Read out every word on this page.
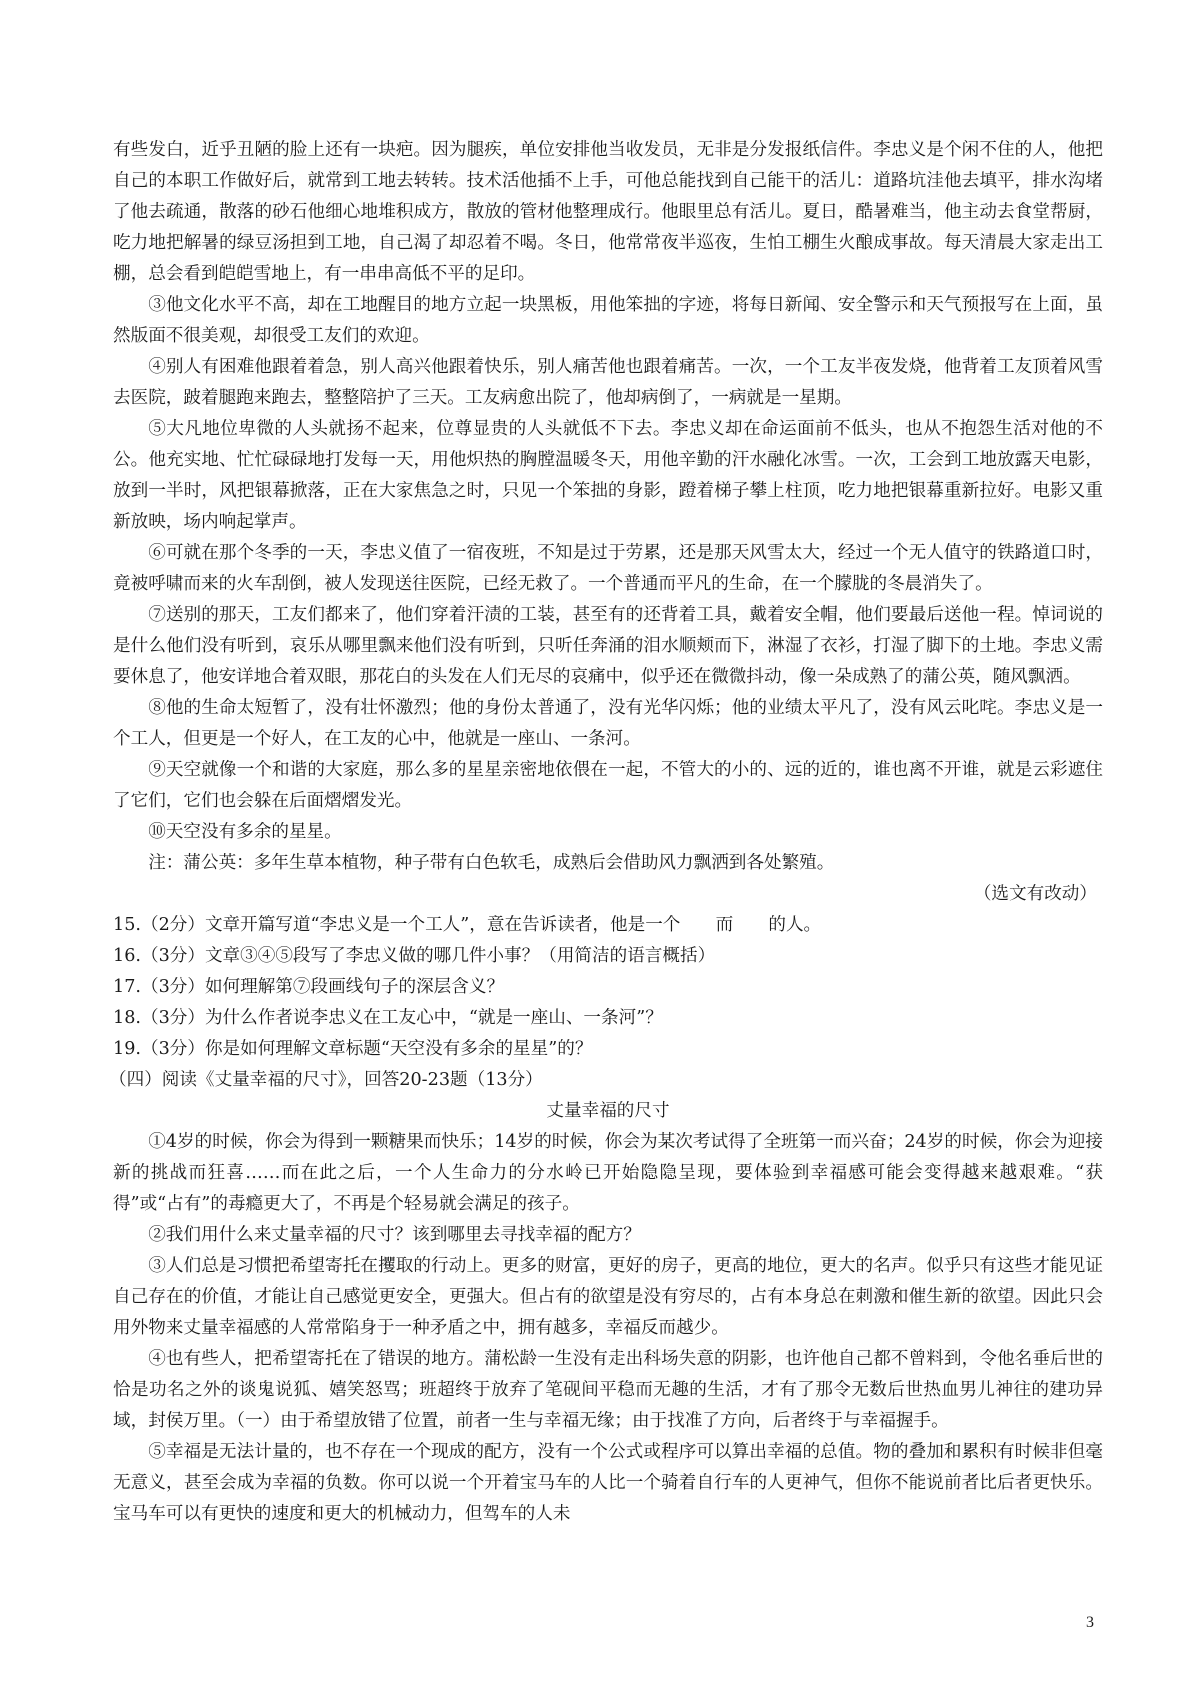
有些发白，近乎丑陋的脸上还有一块疤。因为腿疾，单位安排他当收发员，无非是分发报纸信件。李忠义是个闲不住的人，他把自己的本职工作做好后，就常到工地去转转。技术活他插不上手，可他总能找到自己能干的活儿：道路坑洼他去填平，排水沟堵了他去疏通，散落的砂石他细心地堆积成方，散放的管材他整理成行。他眼里总有活儿。夏日，酷暑难当，他主动去食堂帮厨，吃力地把解暑的绿豆汤担到工地，自己渴了却忍着不喝。冬日，他常常夜半巡夜，生怕工棚生火酿成事故。每天清晨大家走出工棚，总会看到皑皑雪地上，有一串串高低不平的足印。

③他文化水平不高，却在工地醒目的地方立起一块黑板，用他笨拙的字迹，将每日新闻、安全警示和天气预报写在上面，虽然版面不很美观，却很受工友们的欢迎。

④别人有困难他跟着着急，别人高兴他跟着快乐，别人痛苦他也跟着痛苦。一次，一个工友半夜发烧，他背着工友顶着风雪去医院，跛着腿跑来跑去，整整陪护了三天。工友病愈出院了，他却病倒了，一病就是一星期。

⑤大凡地位卑微的人头就扬不起来，位尊显贵的人头就低不下去。李忠义却在命运面前不低头，也从不抱怨生活对他的不公。他充实地、忙忙碌碌地打发每一天，用他炽热的胸膛温暖冬天，用他辛勤的汗水融化冰雪。一次，工会到工地放露天电影，放到一半时，风把银幕掀落，正在大家焦急之时，只见一个笨拙的身影，蹬着梯子攀上柱顶，吃力地把银幕重新拉好。电影又重新放映，场内响起掌声。

⑥可就在那个冬季的一天，李忠义值了一宿夜班，不知是过于劳累，还是那天风雪太大，经过一个无人值守的铁路道口时，竟被呼啸而来的火车刮倒，被人发现送往医院，已经无救了。一个普通而平凡的生命，在一个朦胧的冬晨消失了。

⑦送别的那天，工友们都来了，他们穿着汗渍的工装，甚至有的还背着工具，戴着安全帽，他们要最后送他一程。悼词说的是什么他们没有听到，哀乐从哪里飘来他们没有听到，只听任奔涌的泪水顺颊而下，淋湿了衣衫，打湿了脚下的土地。李忠义需要休息了，他安详地合着双眼，那花白的头发在人们无尽的哀痛中，似乎还在微微抖动，像一朵成熟了的蒲公英，随风飘洒。

⑧他的生命太短暂了，没有壮怀激烈；他的身份太普通了，没有光华闪烁；他的业绩太平凡了，没有风云叱咤。李忠义是一个工人，但更是一个好人，在工友的心中，他就是一座山、一条河。

⑨天空就像一个和谐的大家庭，那么多的星星亲密地依偎在一起，不管大的小的、远的近的，谁也离不开谁，就是云彩遮住了它们，它们也会躲在后面熠熠发光。

⑩天空没有多余的星星。

注：蒲公英：多年生草本植物，种子带有白色软毛，成熟后会借助风力飘洒到各处繁殖。

（选文有改动）

15.（2分）文章开篇写道“李忠义是一个工人”，意在告诉读者，他是一个　　而　　的人。

16.（3分）文章③④⑤段写了李忠义做的哪几件小事？（用简洁的语言概括）

17.（3分）如何理解第⑦段画线句子的深层含义？

18.（3分）为什么作者说李忠义在工友心中，“就是一座山、一条河”？

19.（3分）你是如何理解文章标题“天空没有多余的星星”的？

（四）阅读《丈量幸福的尺寸》，回答20-23题（13分）

丈量幸福的尺寸

①4岁的时候，你会为得到一颗糖果而快乐；14岁的时候，你会为某次考试得了全班第一而兴奋；24岁的时候，你会为迎接新的挑战而狂喜……而在此之后，一个人生命力的分水岭已开始隐隐呈现，要体验到幸福感可能会变得越来越艰难。“获得”或“占有”的毒瘾更大了，不再是个轻易就会满足的孩子。

②我们用什么来丈量幸福的尺寸？该到哪里去寻找幸福的配方？

③人们总是习惯把希望寄托在攫取的行动上。更多的财富，更好的房子，更高的地位，更大的名声。似乎只有这些才能见证自己存在的价值，才能让自己感觉更安全，更强大。但占有的欲望是没有穷尽的，占有本身总在刺激和催生新的欲望。因此只会用外物来丈量幸福感的人常常陷身于一种矛盾之中，拥有越多，幸福反而越少。

④也有些人，把希望寄托在了错误的地方。蒲松龄一生没有走出科场失意的阴影，也许他自己都不曾料到，令他名垂后世的恰是功名之外的谈鬼说狐、嬉笑怒骂；班超终于放弃了笔砚间平稳而无趣的生活，才有了那令无数后世热血男儿神往的建功异域，封侯万里。（一）由于希望放错了位置，前者一生与幸福无缘；由于找准了方向，后者终于与幸福握手。

⑤幸福是无法计量的，也不存在一个现成的配方，没有一个公式或程序可以算出幸福的总值。物的叠加和累积有时候非但毫无意义，甚至会成为幸福的负数。你可以说一个开着宝马车的人比一个骑着自行车的人更神气，但你不能说前者比后者更快乐。宝马车可以有更快的速度和更大的机械动力，但驾车的人未

3
